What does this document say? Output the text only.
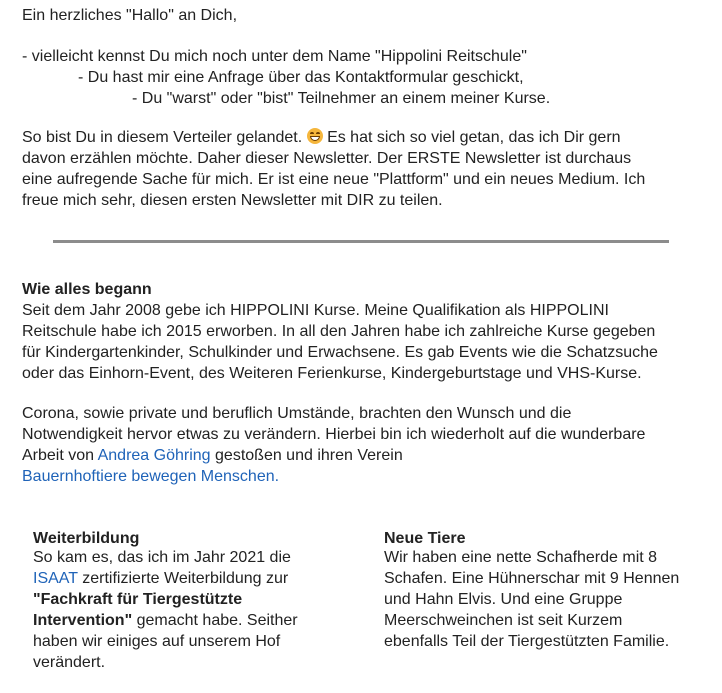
Ein herzliches "Hallo" an Dich,
- vielleicht kennst Du mich noch unter dem Name "Hippolini Reitschule"
- Du hast mir eine Anfrage über das Kontaktformular geschickt,
- Du "warst" oder "bist" Teilnehmer an einem meiner Kurse.
So bist Du in diesem Verteiler gelandet. Es hat sich so viel getan, das ich Dir gern
davon erzählen möchte. Daher dieser Newsletter. Der ERSTE Newsletter ist durchaus
eine aufregende Sache für mich. Er ist eine neue "Plattform" und ein neues Medium. Ich
freue mich sehr, diesen ersten Newsletter mit DIR zu teilen.
Wie alles begann
Seit dem Jahr 2008 gebe ich HIPPOLINI Kurse. Meine Qualifikation als HIPPOLINI
Reitschule habe ich 2015 erworben. In all den Jahren habe ich zahlreiche Kurse gegeben
für Kindergartenkinder, Schulkinder und Erwachsene. Es gab Events wie die Schatzsuche
oder das Einhorn-Event, des Weiteren Ferienkurse, Kindergeburtstage und VHS-Kurse.
Corona, sowie private und beruflich Umstände, brachten den Wunsch und die
Notwendigkeit hervor etwas zu verändern. Hierbei bin ich wiederholt auf die wunderbare
Arbeit von Andrea Göhring gestoßen und ihren Verein
Bauernhoftiere bewegen Menschen.
Weiterbildung
So kam es, das ich im Jahr 2021 die
ISAAT zertifizierte Weiterbildung zur
"Fachkraft für Tiergestützte
Intervention" gemacht habe. Seither
haben wir einiges auf unserem Hof
verändert.
Neue Tiere
Wir haben eine nette Schafherde mit 8
Schafen. Eine Hühnerschar mit 9 Hennen
und Hahn Elvis. Und eine Gruppe
Meerschweinchen ist seit Kurzem
ebenfalls Teil der Tiergestützten Familie.
